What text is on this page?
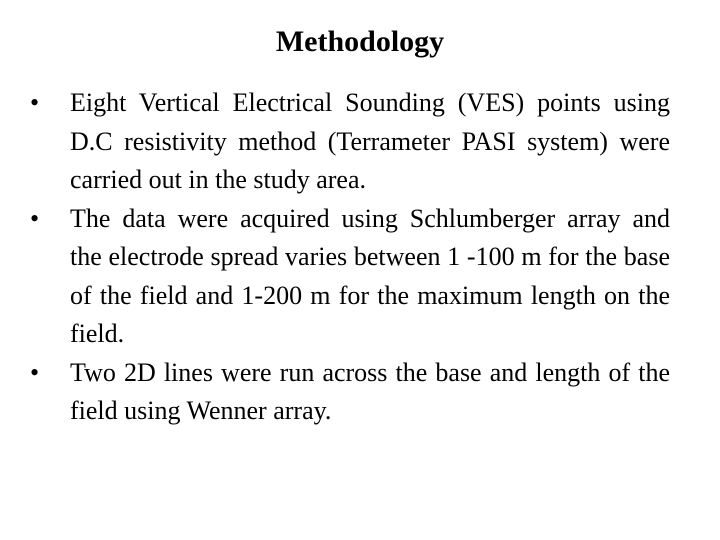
Methodology
•	Eight Vertical Electrical Sounding (VES) points using D.C resistivity method (Terrameter PASI system) were carried out in the study area.
•	The data were acquired using Schlumberger array and the electrode spread varies between 1 -100 m for the base of the field and 1-200 m for the maximum length on the field.
•	Two 2D lines were run across the base and length of the field using Wenner array.
